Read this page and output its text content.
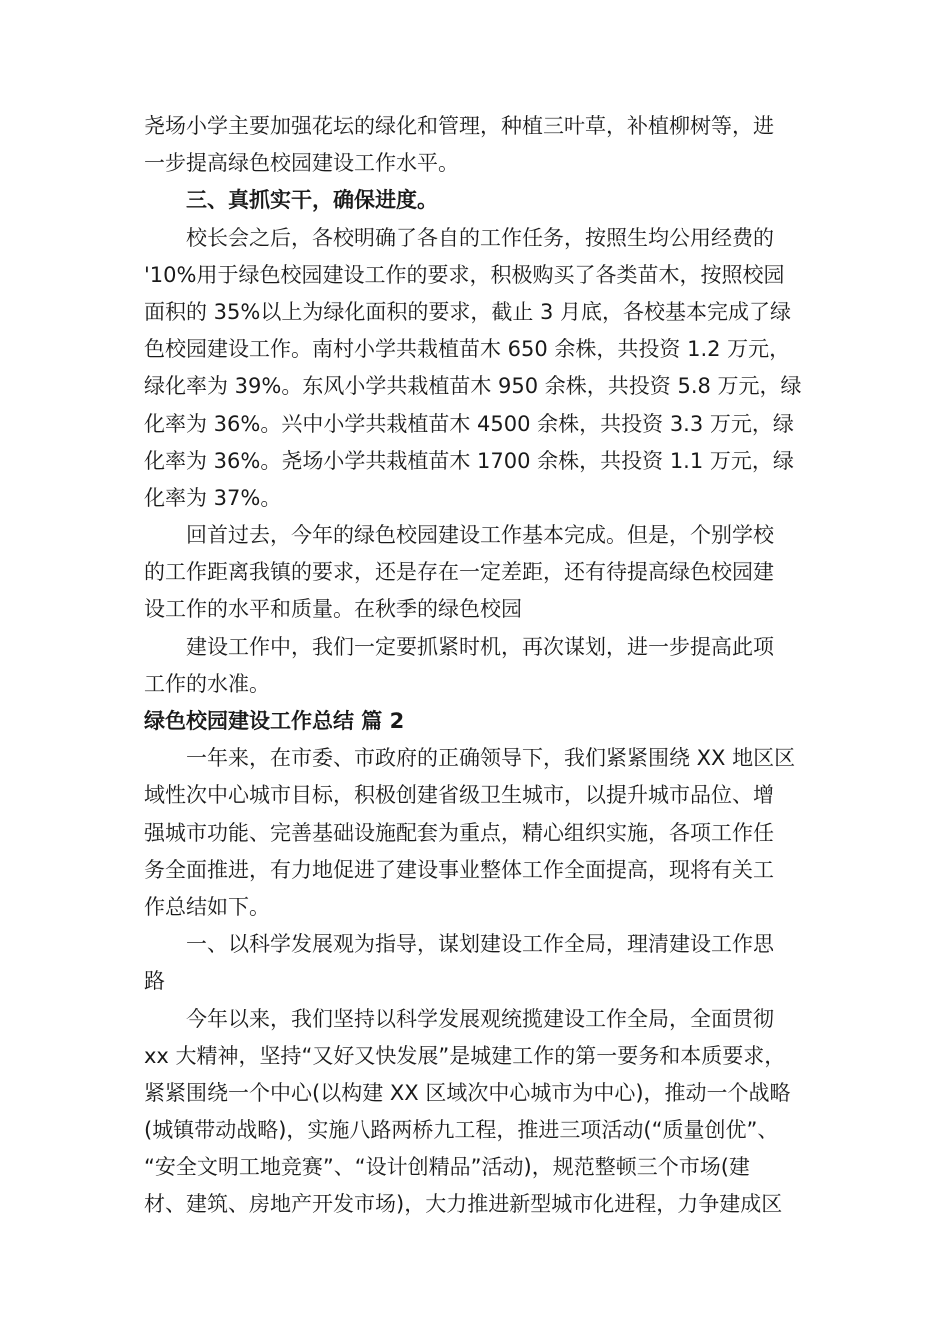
尧场小学主要加强花坛的绿化和管理，种植三叶草，补植柳树等，进

一步提高绿色校园建设工作水平。

三、真抓实干，确保进度。

校长会之后，各校明确了各自的工作任务，按照生均公用经费的

'10%用于绿色校园建设工作的要求，积极购买了各类苗木，按照校园

面积的 35%以上为绿化面积的要求，截止 3 月底，各校基本完成了绿

色校园建设工作。南村小学共栽植苗木 650 余株，共投资 1.2 万元，

绿化率为 39%。东风小学共栽植苗木 950 余株，共投资 5.8 万元，绿

化率为 36%。兴中小学共栽植苗木 4500 余株，共投资 3.3 万元，绿

化率为 36%。尧场小学共栽植苗木 1700 余株，共投资 1.1 万元，绿

化率为 37%。

回首过去，今年的绿色校园建设工作基本完成。但是，个别学校

的工作距离我镇的要求，还是存在一定差距，还有待提高绿色校园建

设工作的水平和质量。在秋季的绿色校园

建设工作中，我们一定要抓紧时机，再次谋划，进一步提高此项

工作的水准。

绿色校园建设工作总结 篇 2

一年来，在市委、市政府的正确领导下，我们紧紧围绕 XX 地区区

域性次中心城市目标，积极创建省级卫生城市，以提升城市品位、增

强城市功能、完善基础设施配套为重点，精心组织实施，各项工作任

务全面推进，有力地促进了建设事业整体工作全面提高，现将有关工

作总结如下。

一、以科学发展观为指导，谋划建设工作全局，理清建设工作思

路

今年以来，我们坚持以科学发展观统揽建设工作全局，全面贯彻

xx 大精神，坚持“又好又快发展”是城建工作的第一要务和本质要求，

紧紧围绕一个中心(以构建 XX 区域次中心城市为中心)，推动一个战略

(城镇带动战略)，实施八路两桥九工程，推进三项活动(“质量创优”、

“安全文明工地竞赛”、“设计创精品”活动)，规范整顿三个市场(建

材、建筑、房地产开发市场)，大力推进新型城市化进程，力争建成区
